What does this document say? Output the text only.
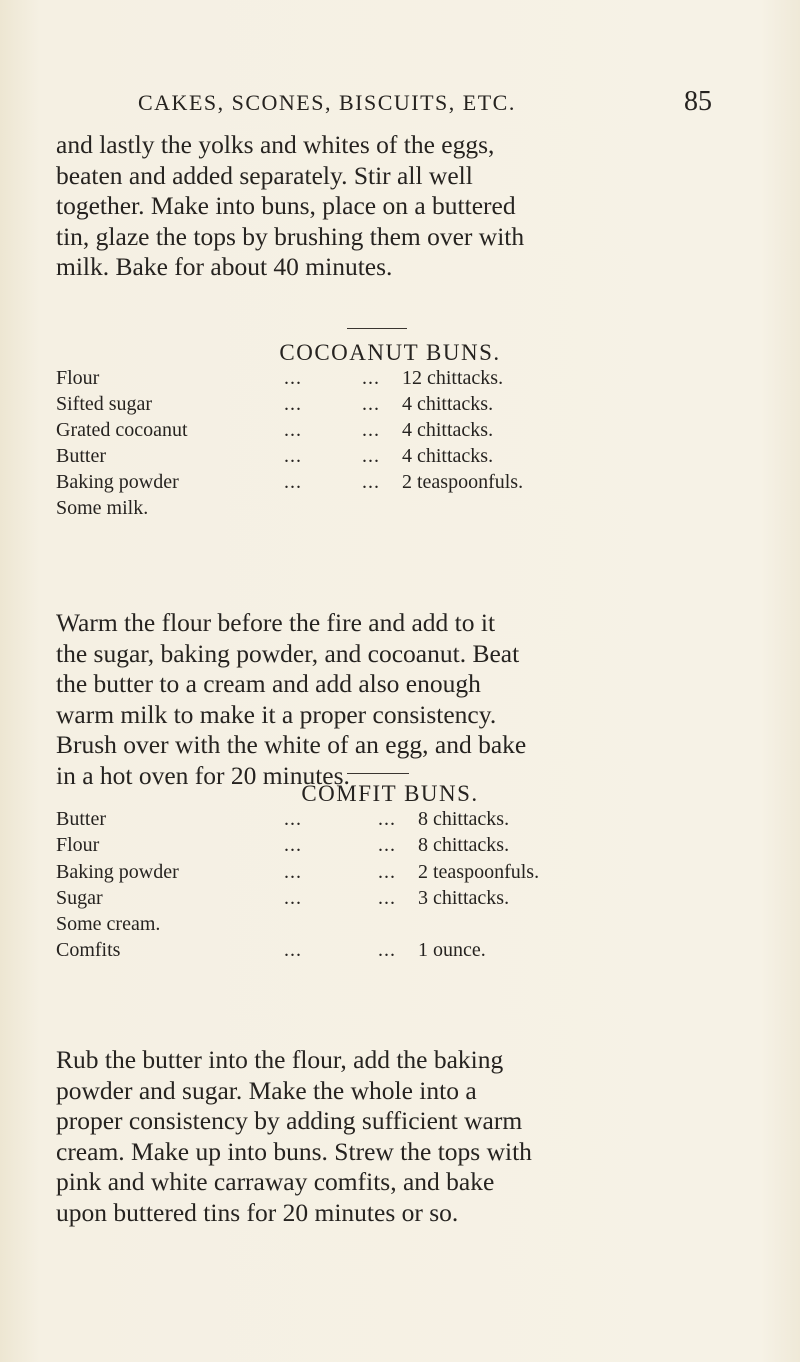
CAKES, SCONES, BISCUITS, ETC.	85
and lastly the yolks and whites of the eggs,
beaten and added separately. Stir all well
together. Make into buns, place on a buttered
tin, glaze the tops by brushing them over with
milk. Bake for about 40 minutes.
COCOANUT BUNS.
Flour	...	... 12 chittacks.
Sifted sugar	...	... 4 chittacks.
Grated cocoanut	...	... 4 chittacks.
Butter	...	... 4 chittacks.
Baking powder	...	... 2 teaspoonfuls.
Some milk.
Warm the flour before the fire and add to it
the sugar, baking powder, and cocoanut. Beat
the butter to a cream and add also enough
warm milk to make it a proper consistency.
Brush over with the white of an egg, and bake
in a hot oven for 20 minutes.
COMFIT BUNS.
Butter	...	... 8 chittacks.
Flour	...	... 8 chittacks.
Baking powder	...	... 2 teaspoonfuls.
Sugar	...	... 3 chittacks.
Some cream.
Comfits	...	... 1 ounce.
Rub the butter into the flour, add the baking
powder and sugar. Make the whole into a
proper consistency by adding sufficient warm
cream. Make up into buns. Strew the tops with
pink and white carraway comfits, and bake
upon buttered tins for 20 minutes or so.
